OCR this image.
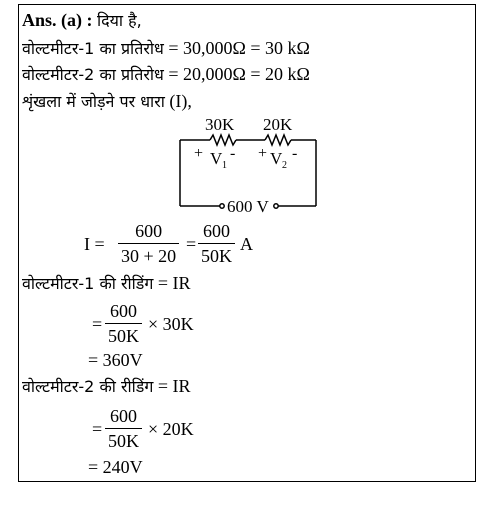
Ans. (a) : दिया है,
वोल्टमीटर-1 का प्रतिरोध = 30,000Ω = 30 kΩ
वोल्टमीटर-2 का प्रतिरोध = 20,000Ω = 20 kΩ
शृंखला में जोड़ने पर धारा (I),
30K 20K
+ V 1
- + V 2
-
600 V
I =
600
30 + 20
=
600
50K
A
वोल्टमीटर-1 की रीडिंग = IR
=
600
50K
× 30K
= 360V
वोल्टमीटर-2 की रीडिंग = IR
=
600
50K
× 20K
= 240V
